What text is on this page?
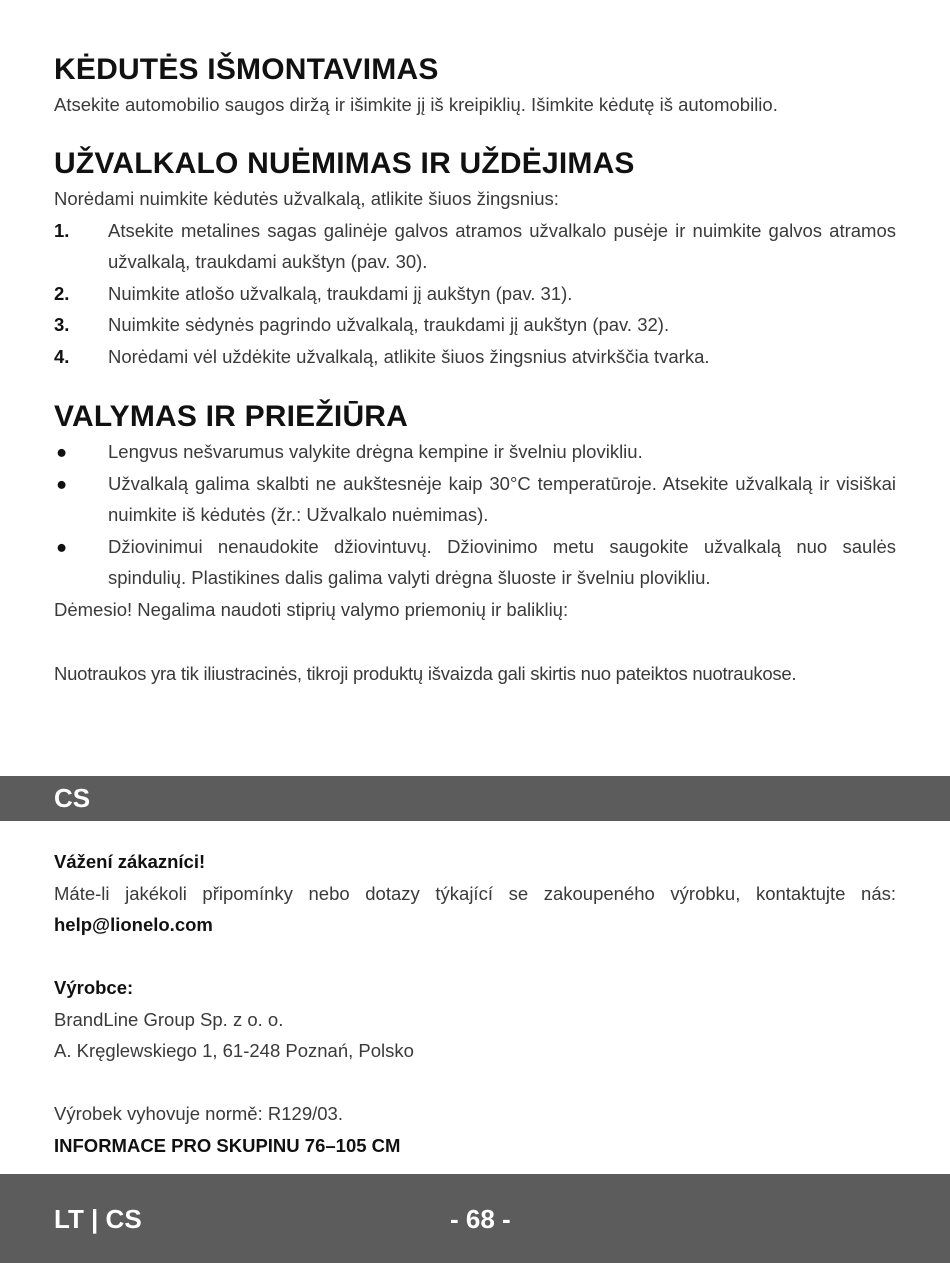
KĖDUTĖS IŠMONTAVIMAS

Atsekite automobilio saugos diržą ir išimkite jį iš kreipiklių. Išimkite kėdutę iš automobilio.

UŽVALKALO NUĖMIMAS IR UŽDĖJIMAS

Norėdami nuimkite kėdutės užvalkalą, atlikite šiuos žingsnius:

1. Atsekite metalines sagas galinėje galvos atramos užvalkalo pusėje ir nuimkite galvos atramos užvalkalą, traukdami aukštyn (pav. 30).
2. Nuimkite atlošo užvalkalą, traukdami jį aukštyn (pav. 31).
3. Nuimkite sėdynės pagrindo užvalkalą, traukdami jį aukštyn (pav. 32).
4. Norėdami vėl uždėkite užvalkalą, atlikite šiuos žingsnius atvirkščia tvarka.
VALYMAS IR PRIEŽIŪRA
● Lengvus nešvarumus valykite drėgna kempine ir švelniu plovikliu.
● Užvalkalą galima skalbti ne aukštesnėje kaip 30°C temperatūroje. Atsekite užvalkalą ir visiškai nuimkite iš kėdutės (žr.: Užvalkalo nuėmimas).
● Džiovinimui nenaudokite džiovintuvų. Džiovinimo metu saugokite užvalkalą nuo saulės spindulių. Plastikines dalis galima valyti drėgna šluoste ir švelniu plovikliu.

Dėmesio! Negalima naudoti stiprių valymo priemonių ir baliklių:

Nuotraukos yra tik iliustracinės, tikroji produktų išvaizda gali skirtis nuo pateiktos nuotraukose.

CS

Vážení zákazníci!

Máte-li jakékoli připomínky nebo dotazy týkající se zakoupeného výrobku, kontaktujte nás: help@lionelo.com

Výrobce:

BrandLine Group Sp. z o. o.

A. Kręglewskiego 1, 61-248 Poznań, Polsko

Výrobek vyhovuje normě: R129/03.

INFORMACE PRO SKUPINU 76–105 CM

LT | CS	- 68 -
